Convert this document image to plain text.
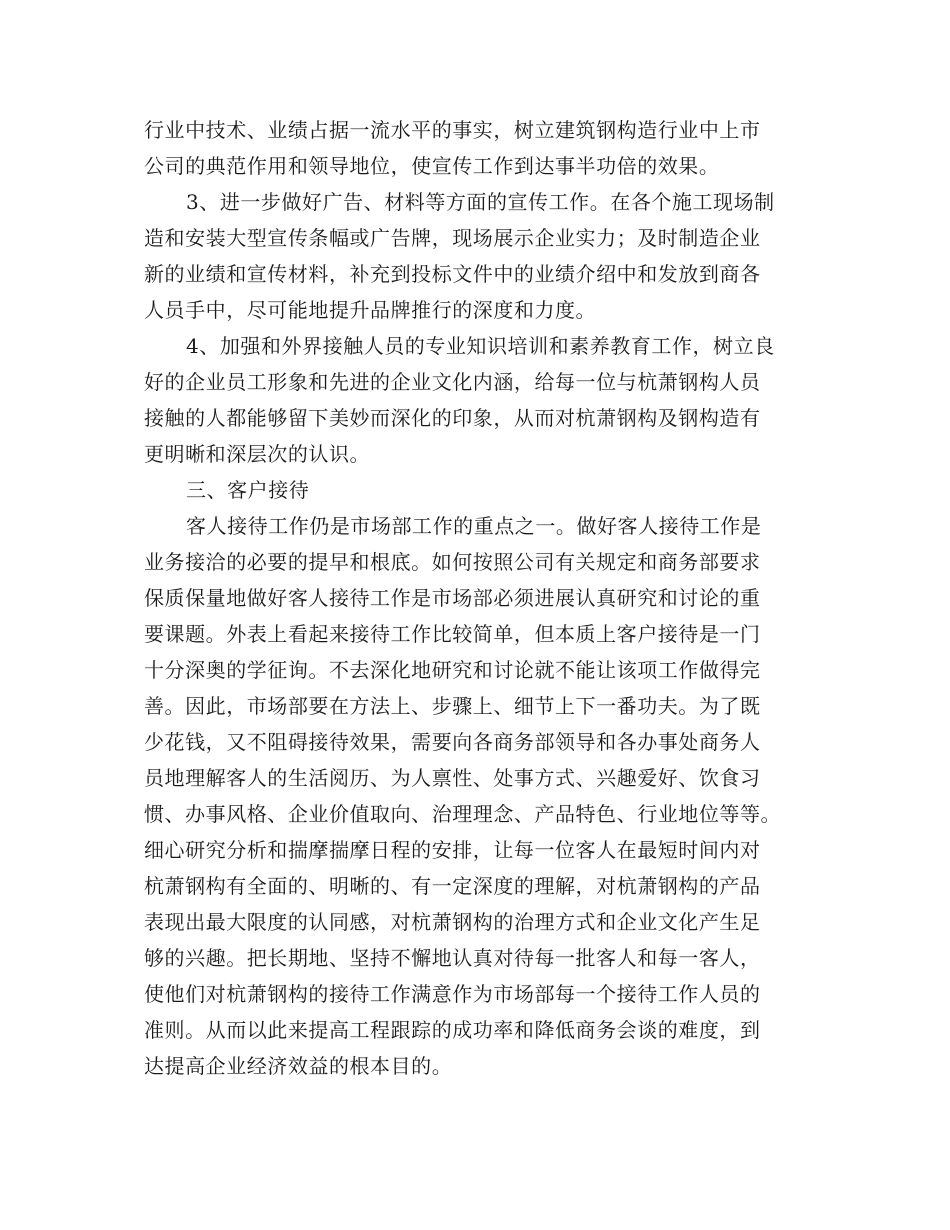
行业中技术、业绩占据一流水平的事实，树立建筑钢构造行业中上市
公司的典范作用和领导地位，使宣传工作到达事半功倍的效果。
3、进一步做好广告、材料等方面的宣传工作。在各个施工现场制
造和安装大型宣传条幅或广告牌，现场展示企业实力；及时制造企业
新的业绩和宣传材料，补充到投标文件中的业绩介绍中和发放到商各
人员手中，尽可能地提升品牌推行的深度和力度。
4、加强和外界接触人员的专业知识培训和素养教育工作，树立良
好的企业员工形象和先进的企业文化内涵，给每一位与杭萧钢构人员
接触的人都能够留下美妙而深化的印象，从而对杭萧钢构及钢构造有
更明晰和深层次的认识。
三、客户接待
客人接待工作仍是市场部工作的重点之一。做好客人接待工作是
业务接洽的必要的提早和根底。如何按照公司有关规定和商务部要求
保质保量地做好客人接待工作是市场部必须进展认真研究和讨论的重
要课题。外表上看起来接待工作比较简单，但本质上客户接待是一门
十分深奥的学征询。不去深化地研究和讨论就不能让该项工作做得完
善。因此，市场部要在方法上、步骤上、细节上下一番功夫。为了既
少花钱，又不阻碍接待效果，需要向各商务部领导和各办事处商务人
员地理解客人的生活阅历、为人禀性、处事方式、兴趣爱好、饮食习
惯、办事风格、企业价值取向、治理理念、产品特色、行业地位等等。
细心研究分析和揣摩揣摩日程的安排，让每一位客人在最短时间内对
杭萧钢构有全面的、明晰的、有一定深度的理解，对杭萧钢构的产品
表现出最大限度的认同感，对杭萧钢构的治理方式和企业文化产生足
够的兴趣。把长期地、坚持不懈地认真对待每一批客人和每一客人，
使他们对杭萧钢构的接待工作满意作为市场部每一个接待工作人员的
准则。从而以此来提高工程跟踪的成功率和降低商务会谈的难度，到
达提高企业经济效益的根本目的。
